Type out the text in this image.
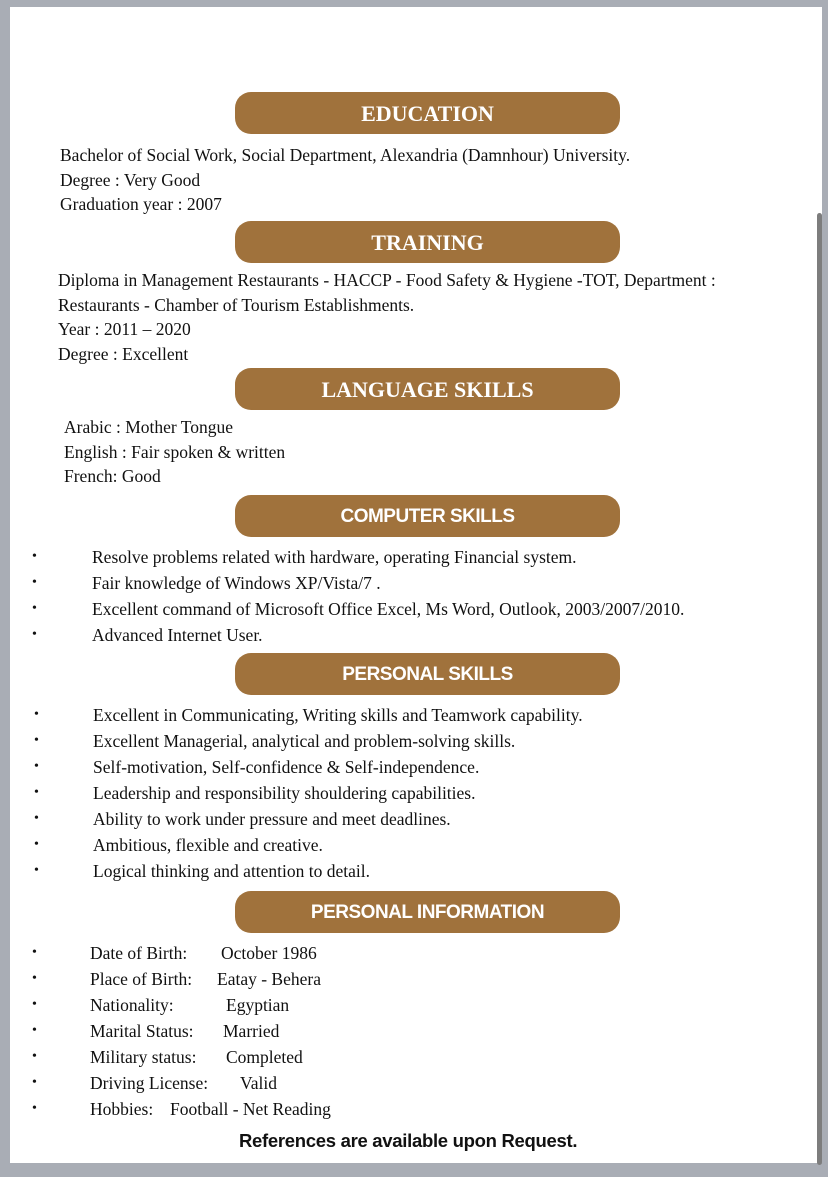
EDUCATION
Bachelor of Social Work, Social Department, Alexandria (Damnhour) University.
Degree : Very Good
Graduation year : 2007
TRAINING
Diploma in Management Restaurants - HACCP - Food Safety & Hygiene -TOT, Department :
Restaurants - Chamber of Tourism Establishments.
Year : 2011 – 2020
Degree : Excellent
LANGUAGE SKILLS
Arabic : Mother Tongue
English : Fair spoken & written
French: Good
COMPUTER SKILLS
•	Resolve problems related with hardware, operating Financial system.
•	Fair knowledge of Windows XP/Vista/7 .
•	Excellent command of Microsoft Office Excel, Ms Word, Outlook, 2003/2007/2010.
•	Advanced Internet User.
PERSONAL SKILLS
•	Excellent in Communicating, Writing skills and Teamwork capability.
•	Excellent Managerial, analytical and problem-solving skills.
•	Self-motivation, Self-confidence & Self-independence.
•	Leadership and responsibility shouldering capabilities.
•	Ability to work under pressure and meet deadlines.
•	Ambitious, flexible and creative.
•	Logical thinking and attention to detail.
PERSONAL INFORMATION
•	Date of Birth: October 1986
•	Place of Birth: Eatay - Behera
•	Nationality:	Egyptian
•	Marital Status: Married
•	Military status: Completed
•	Driving License: Valid
•	Hobbies: Football - Net Reading
References are available upon Request.
